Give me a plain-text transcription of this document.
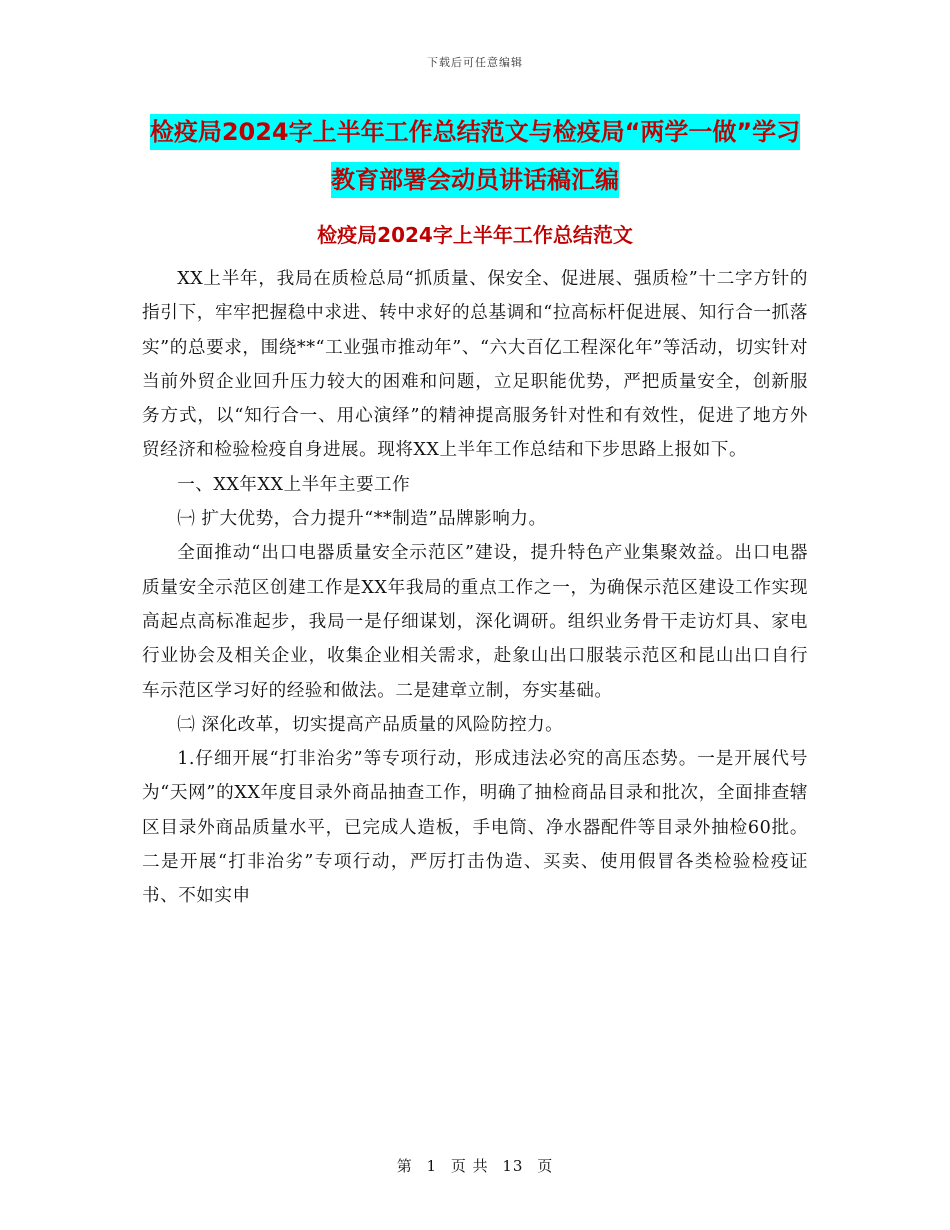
下载后可任意编辑
检疫局2024字上半年工作总结范文与检疫局“两学一做”学习教育部署会动员讲话稿汇编
检疫局2024字上半年工作总结范文

XX上半年，我局在质检总局“抓质量、保安全、促进展、强质检”十二字方针的指引下，牢牢把握稳中求进、转中求好的总基调和“拉高标杆促进展、知行合一抓落实”的总要求，围绕**“工业强市推动年”、“六大百亿工程深化年”等活动，切实针对当前外贸企业回升压力较大的困难和问题，立足职能优势，严把质量安全，创新服务方式，以“知行合一、用心演绎”的精神提高服务针对性和有效性，促进了地方外贸经济和检验检疫自身进展。现将XX上半年工作总结和下步思路上报如下。

一、XX年XX上半年主要工作

㈠ 扩大优势，合力提升“**制造”品牌影响力。

全面推动“出口电器质量安全示范区”建设，提升特色产业集聚效益。出口电器质量安全示范区创建工作是XX年我局的重点工作之一，为确保示范区建设工作实现高起点高标准起步，我局一是仔细谋划，深化调研。组织业务骨干走访灯具、家电行业协会及相关企业，收集企业相关需求，赴象山出口服装示范区和昆山出口自行车示范区学习好的经验和做法。二是建章立制，夯实基础。

㈡ 深化改革，切实提高产品质量的风险防控力。

1.仔细开展“打非治劣”等专项行动，形成违法必究的高压态势。一是开展代号为“天网”的XX年度目录外商品抽查工作，明确了抽检商品目录和批次，全面排查辖区目录外商品质量水平，已完成人造板，手电筒、净水器配件等目录外抽检60批。二是开展“打非治劣”专项行动，严厉打击伪造、买卖、使用假冒各类检验检疫证书、不如实申

第 1 页 共 13 页
